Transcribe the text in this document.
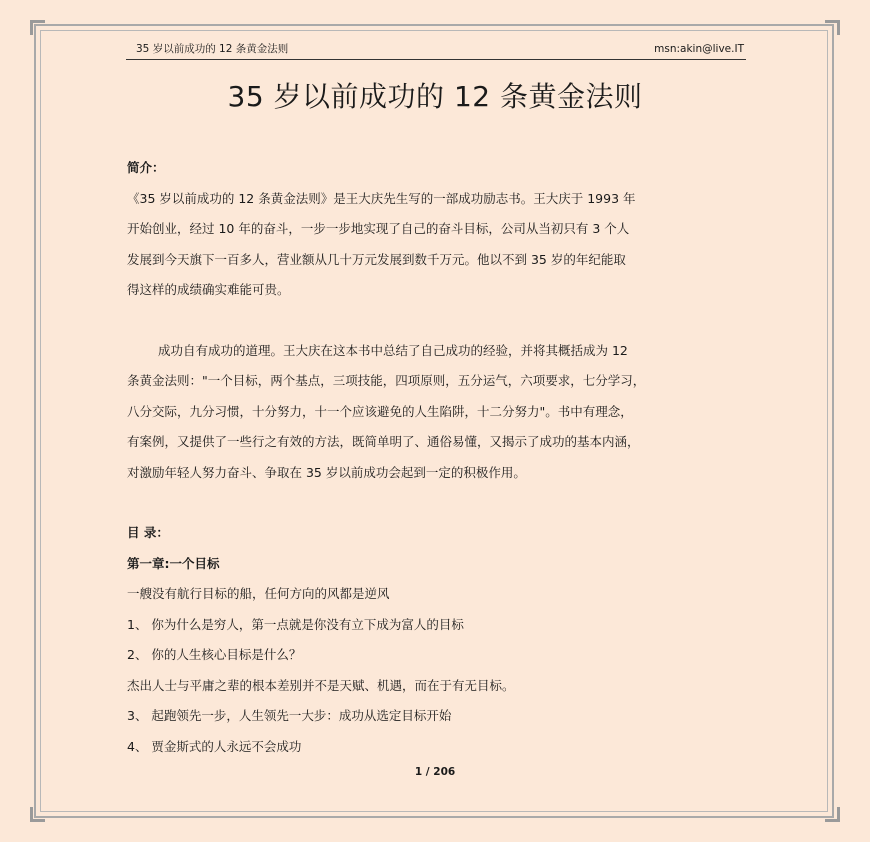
35 岁以前成功的 12 条黄金法则	msn:akin@live.IT
35 岁以前成功的 12 条黄金法则

简介：

《35 岁以前成功的 12 条黄金法则》是王大庆先生写的一部成功励志书。王大庆于 1993 年

开始创业，经过 10 年的奋斗，一步一步地实现了自己的奋斗目标，公司从当初只有 3 个人

发展到今天旗下一百多人，营业额从几十万元发展到数千万元。他以不到 35 岁的年纪能取

得这样的成绩确实难能可贵。

成功自有成功的道理。王大庆在这本书中总结了自己成功的经验，并将其概括成为 12

条黄金法则："一个目标，两个基点，三项技能，四项原则，五分运气，六项要求，七分学习，

八分交际，九分习惯，十分努力，十一个应该避免的人生陷阱，十二分努力"。书中有理念，

有案例，又提供了一些行之有效的方法，既简单明了、通俗易懂，又揭示了成功的基本内涵，

对激励年轻人努力奋斗、争取在 35 岁以前成功会起到一定的积极作用。

目 录：

第一章:一个目标

一艘没有航行目标的船，任何方向的风都是逆风

1、 你为什么是穷人，第一点就是你没有立下成为富人的目标

2、 你的人生核心目标是什么？

杰出人士与平庸之辈的根本差别并不是天赋、机遇，而在于有无目标。

3、 起跑领先一步，人生领先一大步：成功从选定目标开始

4、 贾金斯式的人永远不会成功

1 / 206
